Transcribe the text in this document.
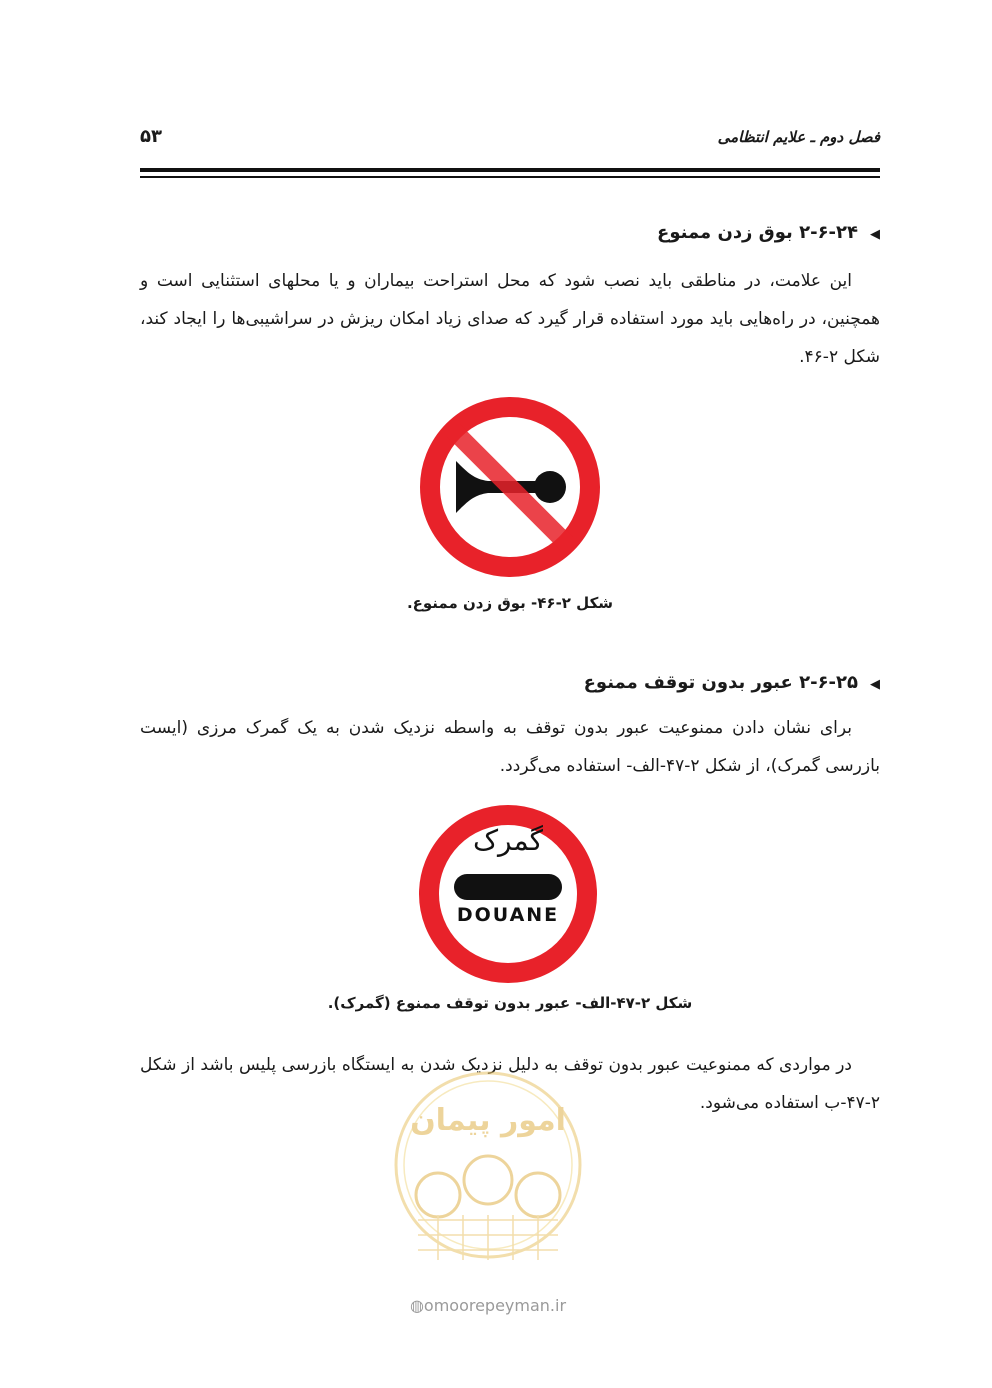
۵۳	فصل دوم ـ علایم انتظامی
◀۲-۶-۲۴ بوق زدن ممنوع
این علامت، در مناطقی باید نصب شود که محل استراحت بیماران و یا محلهای استثنایی است و همچنین، در راه‌هایی باید مورد استفاده قرار گیرد که صدای زیاد امکان ریزش در سراشیبی‌ها را ایجاد کند، شکل ۲-۴۶.
شکل ۲-۴۶- بوق زدن ممنوع.
◀۲-۶-۲۵ عبور بدون توقف ممنوع
برای نشان دادن ممنوعیت عبور بدون توقف به واسطه نزدیک شدن به یک گمرک مرزی (ایست بازرسی گمرک)، از شکل ۲-۴۷-الف- استفاده می‌گردد.
گمرک
DOUANE
شکل ۲-۴۷-الف- عبور بدون توقف ممنوع (گمرک).
در مواردی که ممنوعیت عبور بدون توقف به دلیل نزدیک شدن به ایستگاه بازرسی پلیس باشد از شکل ۲-۴۷-ب استفاده می‌شود.
امور پیمان
◍omoorepeyman.ir
